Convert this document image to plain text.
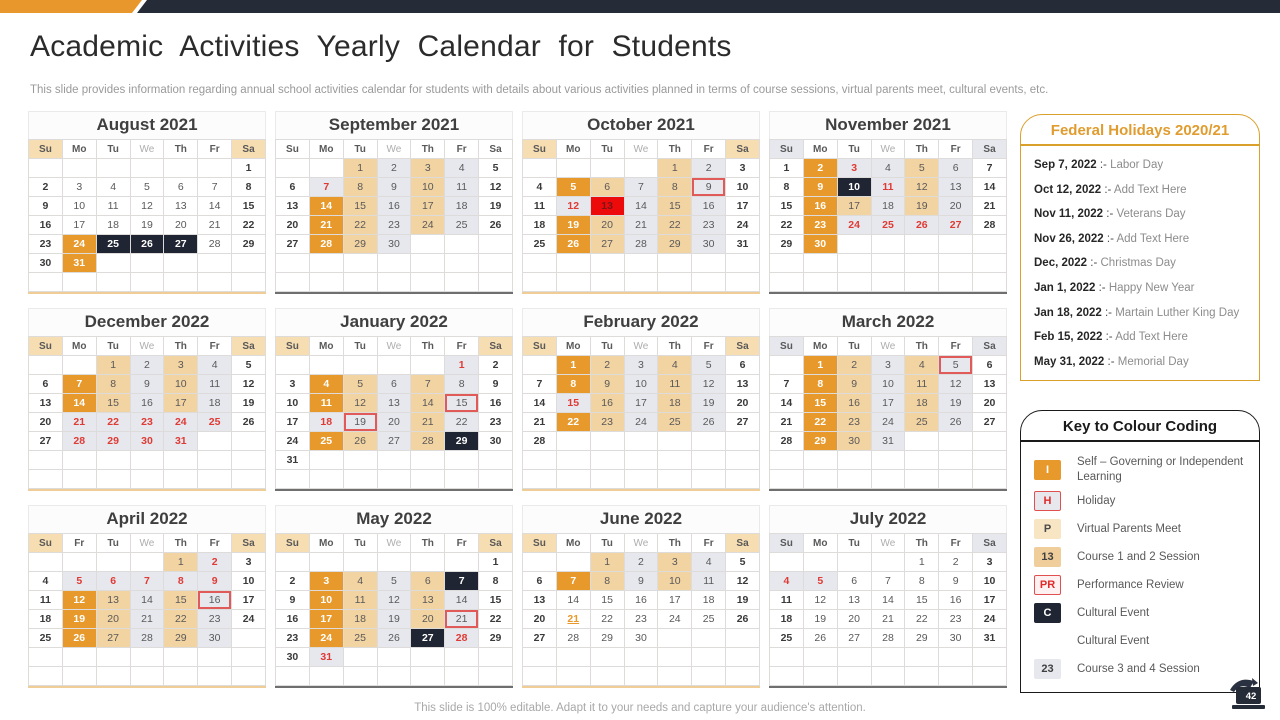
Academic Activities Yearly Calendar for Students
This slide provides information regarding annual school activities calendar for students with details about various activities planned in terms of course sessions, virtual parents meet, cultural events, etc.
August 2021
Su	Mo	Tu	We	Th	Fr	Sa
						1
2	3	4	5	6	7	8
9	10	11	12	13	14	15
16	17	18	19	20	21	22
23	24	25	26	27	28	29
30	31					

September 2021
Su	Mo	Tu	We	Th	Fr	Sa
		1	2	3	4	5
6	7	8	9	10	11	12
13	14	15	16	17	18	19
20	21	22	23	24	25	26
27	28	29	30			

October 2021
Su	Mo	Tu	We	Th	Fr	Sa
				1	2	3
4	5	6	7	8	9	10
11	12	13	14	15	16	17
18	19	20	21	22	23	24
25	26	27	28	29	30	31

November 2021
Su	Mo	Tu	We	Th	Fr	Sa
1	2	3	4	5	6	7
8	9	10	11	12	13	14
15	16	17	18	19	20	21
22	23	24	25	26	27	28
29	30					

December 2022
Su	Mo	Tu	We	Th	Fr	Sa
		1	2	3	4	5
6	7	8	9	10	11	12
13	14	15	16	17	18	19
20	21	22	23	24	25	26
27	28	29	30	31		

January 2022
Su	Mo	Tu	We	Th	Fr	Sa
					1	2
3	4	5	6	7	8	9
10	11	12	13	14	15	16
17	18	19	20	21	22	23
24	25	26	27	28	29	30
31						

February 2022
Su	Mo	Tu	We	Th	Fr	Sa
	1	2	3	4	5	6
7	8	9	10	11	12	13
14	15	16	17	18	19	20
21	22	23	24	25	26	27
28						

March 2022
Su	Mo	Tu	We	Th	Fr	Sa
	1	2	3	4	5	6
7	8	9	10	11	12	13
14	15	16	17	18	19	20
21	22	23	24	25	26	27
28	29	30	31			

April 2022
Su	Fr	Tu	We	Th	Fr	Sa
				1	2	3
4	5	6	7	8	9	10
11	12	13	14	15	16	17
18	19	20	21	22	23	24
25	26	27	28	29	30	

May 2022
Su	Mo	Tu	We	Th	Fr	Sa
						1
2	3	4	5	6	7	8
9	10	11	12	13	14	15
16	17	18	19	20	21	22
23	24	25	26	27	28	29
30	31					

June 2022
Su	Mo	Tu	We	Th	Fr	Sa
		1	2	3	4	5
6	7	8	9	10	11	12
13	14	15	16	17	18	19
20	21	22	23	24	25	26
27	28	29	30			

July 2022
Su	Mo	Tu	We	Th	Fr	Sa
				1	2	3
4	5	6	7	8	9	10
11	12	13	14	15	16	17
18	19	20	21	22	23	24
25	26	27	28	29	30	31

Federal Holidays 2020/21
Sep 7, 2022 :- Labor Day
Oct 12, 2022 :- Add Text Here
Nov 11, 2022 :- Veterans Day
Nov 26, 2022 :- Add Text Here
Dec, 2022 :- Christmas Day
Jan 1, 2022 :- Happy New Year
Jan 18, 2022 :- Martain Luther King Day
Feb 15, 2022 :- Add Text Here
May 31, 2022 :- Memorial Day
Key to Colour Coding
I
Self – Governing or Independent Learning
H	Holiday
P	Virtual Parents Meet
13	Course 1 and 2 Session
PR	Performance Review
C	Cultural Event
Cultural Event
23	Course 3 and 4 Session
This slide is 100% editable. Adapt it to your needs and capture your audience's attention.
42
